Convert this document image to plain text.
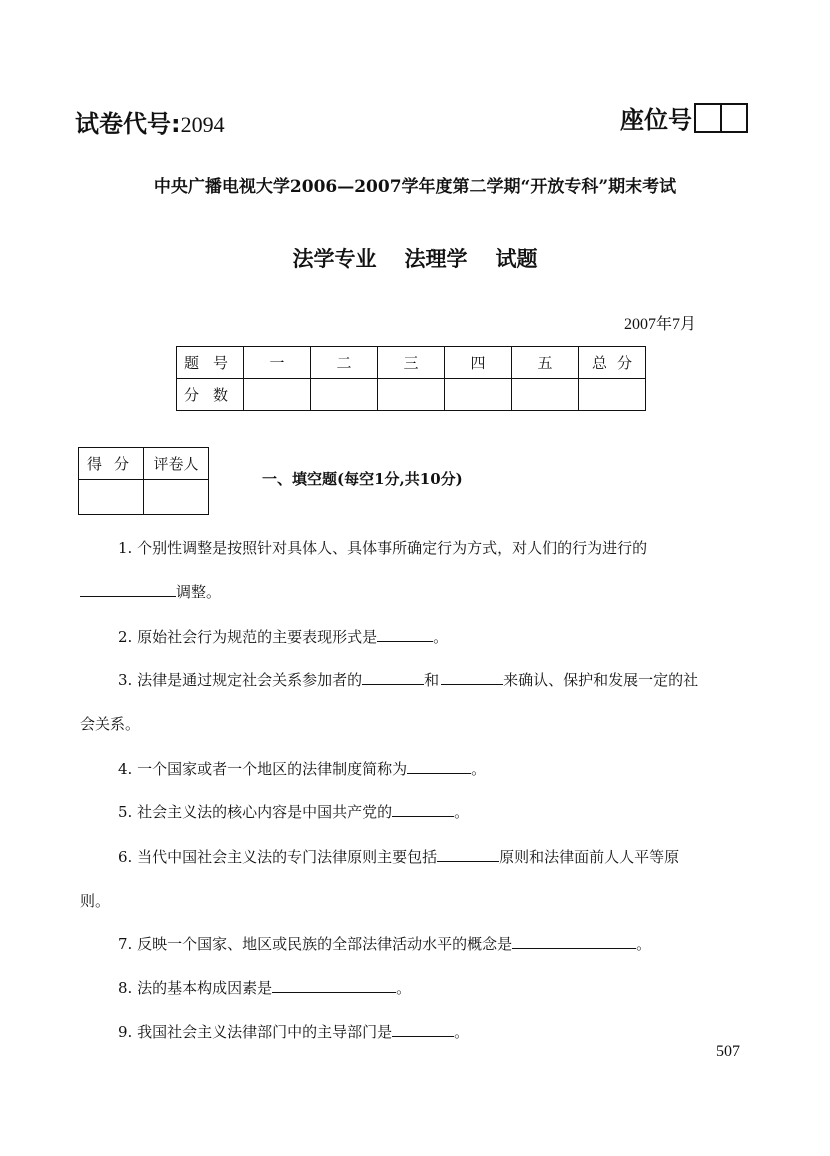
试卷代号:2094	座位号
中央广播电视大学2006—2007学年度第二学期“开放专科”期末考试
法学专业 法理学 试题
2007年7月
题号	一	二	三	四	五	总分
分数						
得分	评卷人

一、填空题(每空1分,共10分)
1. 个别性调整是按照针对具体人、具体事所确定行为方式，对人们的行为进行的
调整。
2. 原始社会行为规范的主要表现形式是	。
3. 法律是通过规定社会关系参加者的	和	来确认、保护和发展一定的社
会关系。
4. 一个国家或者一个地区的法律制度简称为	。
5. 社会主义法的核心内容是中国共产党的	。
6. 当代中国社会主义法的专门法律原则主要包括	原则和法律面前人人平等原
则。
7. 反映一个国家、地区或民族的全部法律活动水平的概念是	。
8. 法的基本构成因素是	。
9. 我国社会主义法律部门中的主导部门是	。
507
